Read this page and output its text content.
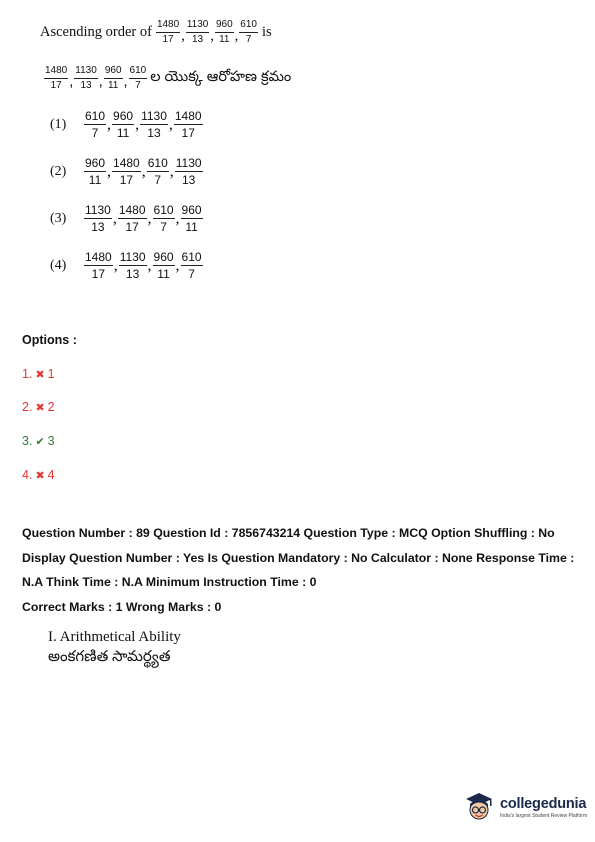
Ascending order of $\frac{1480}{17}$ , $\frac{1130}{13}$ , $\frac{960}{11}$ , $\frac{610}{7}$ is
$\frac{1480}{17}$ , $\frac{1130}{13}$ , $\frac{960}{11}$ , $\frac{610}{7}$ ల యొక్క ఆరోహణ క్రమం
$(1) \frac{610}{7}$ , $\frac{960}{11}$ , $\frac{1130}{13}$ , $\frac{1480}{17}$
$(2) \frac{960}{11}$ , $\frac{1480}{17}$ , $\frac{610}{7}$ , $\frac{1130}{13}$
$(3) \frac{1130}{13}$ , $\frac{1480}{17}$ , $\frac{610}{7}$ , $\frac{960}{11}$
$(4) \frac{1480}{17}$ , $\frac{1130}{13}$ , $\frac{960}{11}$ , $\frac{610}{7}$
Options :
1. ✖ 1
2. ✖ 2
3. ✔ 3
4. ✖ 4
Question Number : 89 Question Id : 7856743214 Question Type : MCQ Option Shuffling : No Display Question Number : Yes Is Question Mandatory : No Calculator : None Response Time : N.A Think Time : N.A Minimum Instruction Time : 0
Correct Marks : 1 Wrong Marks : 0
I. Arithmetical Ability
అంకగణిత సామర్థ్యత
collegedunia
India's largest Student Review Platform
